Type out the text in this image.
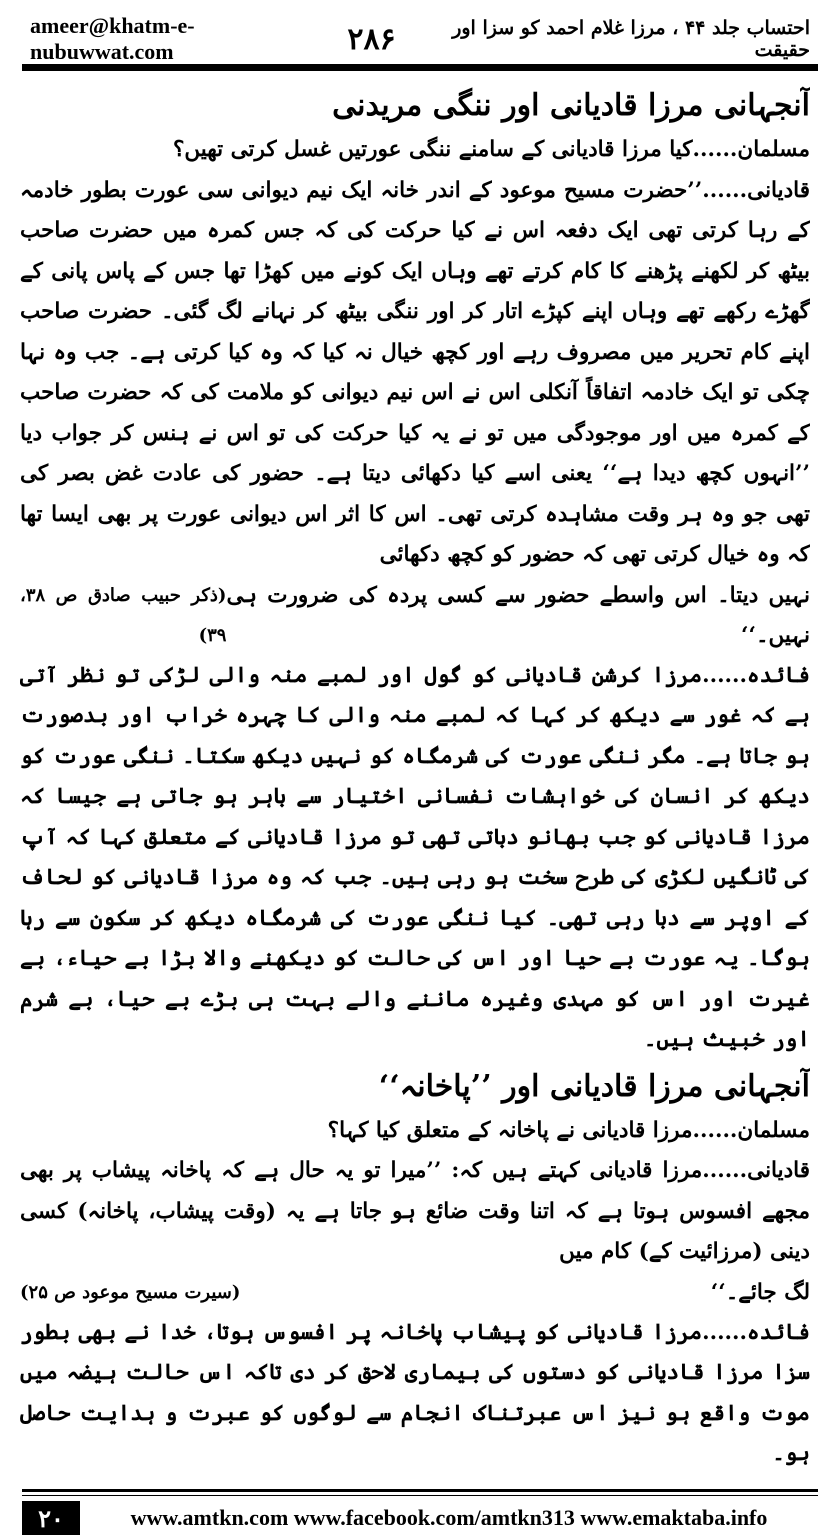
ameer@khatm-e-nubuwwat.com	۲۸۶	احتساب جلد ۴۴ ، مرزا غلام احمد کو سزا اور حقیقت
آنجہانی مرزا قادیانی اور ننگی مریدنی

مسلمان......کیا مرزا قادیانی کے سامنے ننگی عورتیں غسل کرتی تھیں؟

قادیانی......’’حضرت مسیح موعود کے اندر خانہ ایک نیم دیوانی سی عورت بطور خادمہ کے رہا کرتی تھی ایک دفعہ اس نے کیا حرکت کی کہ جس کمرہ میں حضرت صاحب بیٹھ کر لکھنے پڑھنے کا کام کرتے تھے وہاں ایک کونے میں کھڑا تھا جس کے پاس پانی کے گھڑے رکھے تھے وہاں اپنے کپڑے اتار کر اور ننگی بیٹھ کر نہانے لگ گئی۔ حضرت صاحب اپنے کام تحریر میں مصروف رہے اور کچھ خیال نہ کیا کہ وہ کیا کرتی ہے۔ جب وہ نہا چکی تو ایک خادمہ اتفاقاً آنکلی اس نے اس نیم دیوانی کو ملامت کی کہ حضرت صاحب کے کمرہ میں اور موجودگی میں تو نے یہ کیا حرکت کی تو اس نے ہنس کر جواب دیا ’’انہوں کچھ دیدا ہے‘‘ یعنی اسے کیا دکھائی دیتا ہے۔ حضور کی عادت غض بصر کی تھی جو وہ ہر وقت مشاہدہ کرتی تھی۔ اس کا اثر اس دیوانی عورت پر بھی ایسا تھا کہ وہ خیال کرتی تھی کہ حضور کو کچھ دکھائی

نہیں دیتا۔ اس واسطے حضور سے کسی پردہ کی ضرورت ہی نہیں۔‘‘
(ذکر حبیب صادق ص ۳۸، ۳۹)

فائدہ......مرزا کرشن قادیانی کو گول اور لمبے منہ والی لڑکی تو نظر آتی ہے کہ غور سے دیکھ کر کہا کہ لمبے منہ والی کا چہرہ خراب اور بدصورت ہو جاتا ہے۔ مگر ننگی عورت کی شرمگاہ کو نہیں دیکھ سکتا۔ ننگی عورت کو دیکھ کر انسان کی خواہشات نفسانی اختیار سے باہر ہو جاتی ہے جیسا کہ مرزا قادیانی کو جب بھانو دباتی تھی تو مرزا قادیانی کے متعلق کہا کہ آپ کی ٹانگیں لکڑی کی طرح سخت ہو رہی ہیں۔ جب کہ وہ مرزا قادیانی کو لحاف کے اوپر سے دبا رہی تھی۔ کیا ننگی عورت کی شرمگاہ دیکھ کر سکون سے رہا ہوگا۔ یہ عورت بے حیا اور اس کی حالت کو دیکھنے والا بڑا بے حیاء، بے غیرت اور اس کو مہدی وغیرہ ماننے والے بہت ہی بڑے بے حیا، بے شرم اور خبیث ہیں۔

آنجہانی مرزا قادیانی اور ’’پاخانہ‘‘

مسلمان......مرزا قادیانی نے پاخانہ کے متعلق کیا کہا؟

قادیانی......مرزا قادیانی کہتے ہیں کہ: ’’میرا تو یہ حال ہے کہ پاخانہ پیشاب پر بھی مجھے افسوس ہوتا ہے کہ اتنا وقت ضائع ہو جاتا ہے یہ (وقت پیشاب، پاخانہ) کسی دینی (مرزائیت کے) کام میں

لگ جائے۔‘‘
(سیرت مسیح موعود ص ۲۵)

فائدہ......مرزا قادیانی کو پیشاب پاخانہ پر افسوس ہوتا، خدا نے بھی بطور سزا مرزا قادیانی کو دستوں کی بیماری لاحق کر دی تاکہ اس حالت ہیضہ میں موت واقع ہو نیز اس عبرتناک انجام سے لوگوں کو عبرت و ہدایت حاصل ہو۔

۲۰	www.amtkn.com www.facebook.com/amtkn313 www.emaktaba.info
